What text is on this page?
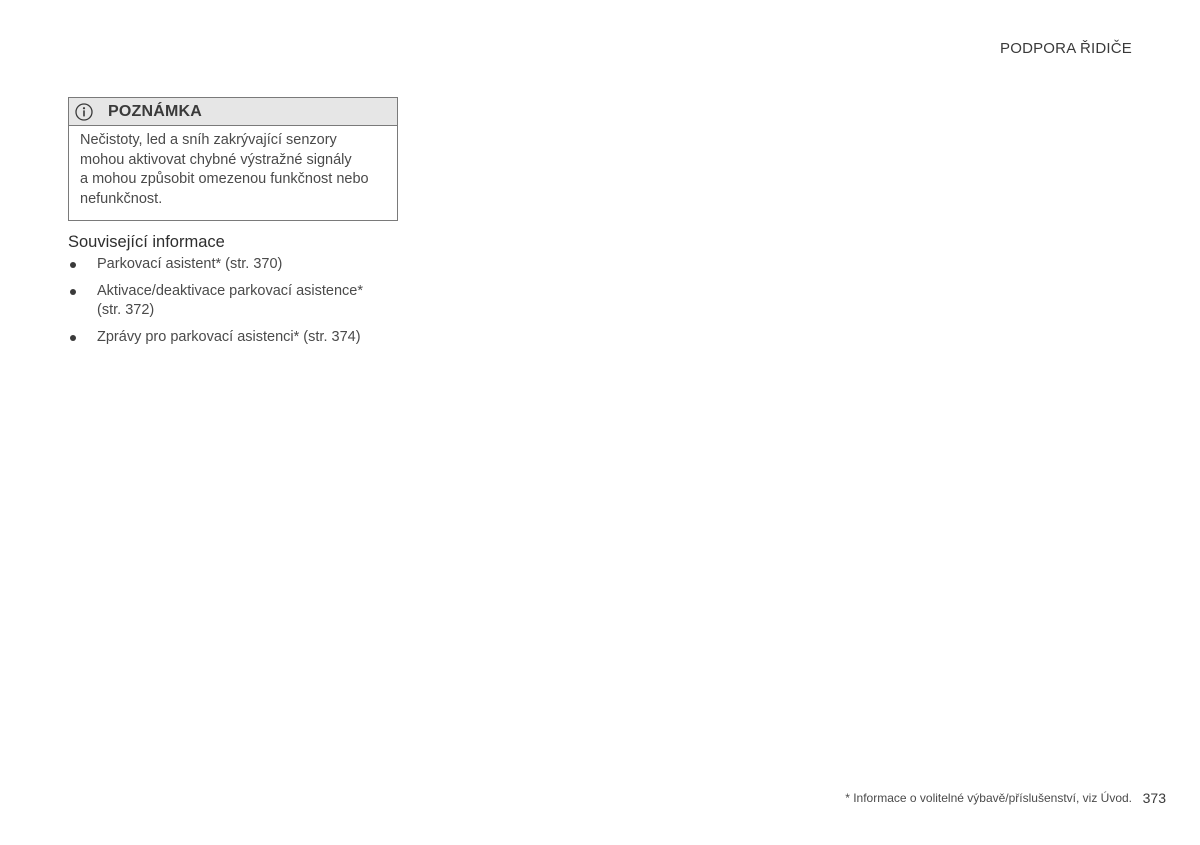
PODPORA ŘIDIČE
POZNÁMKA
Nečistoty, led a sníh zakrývající senzory
mohou aktivovat chybné výstražné signály
a mohou způsobit omezenou funkčnost nebo
nefunkčnost.
Související informace
Parkovací asistent* (str. 370)
Aktivace/deaktivace parkovací asistence*
(str. 372)
Zprávy pro parkovací asistenci* (str. 374)
* Informace o volitelné výbavě/příslušenství, viz Úvod. 373
